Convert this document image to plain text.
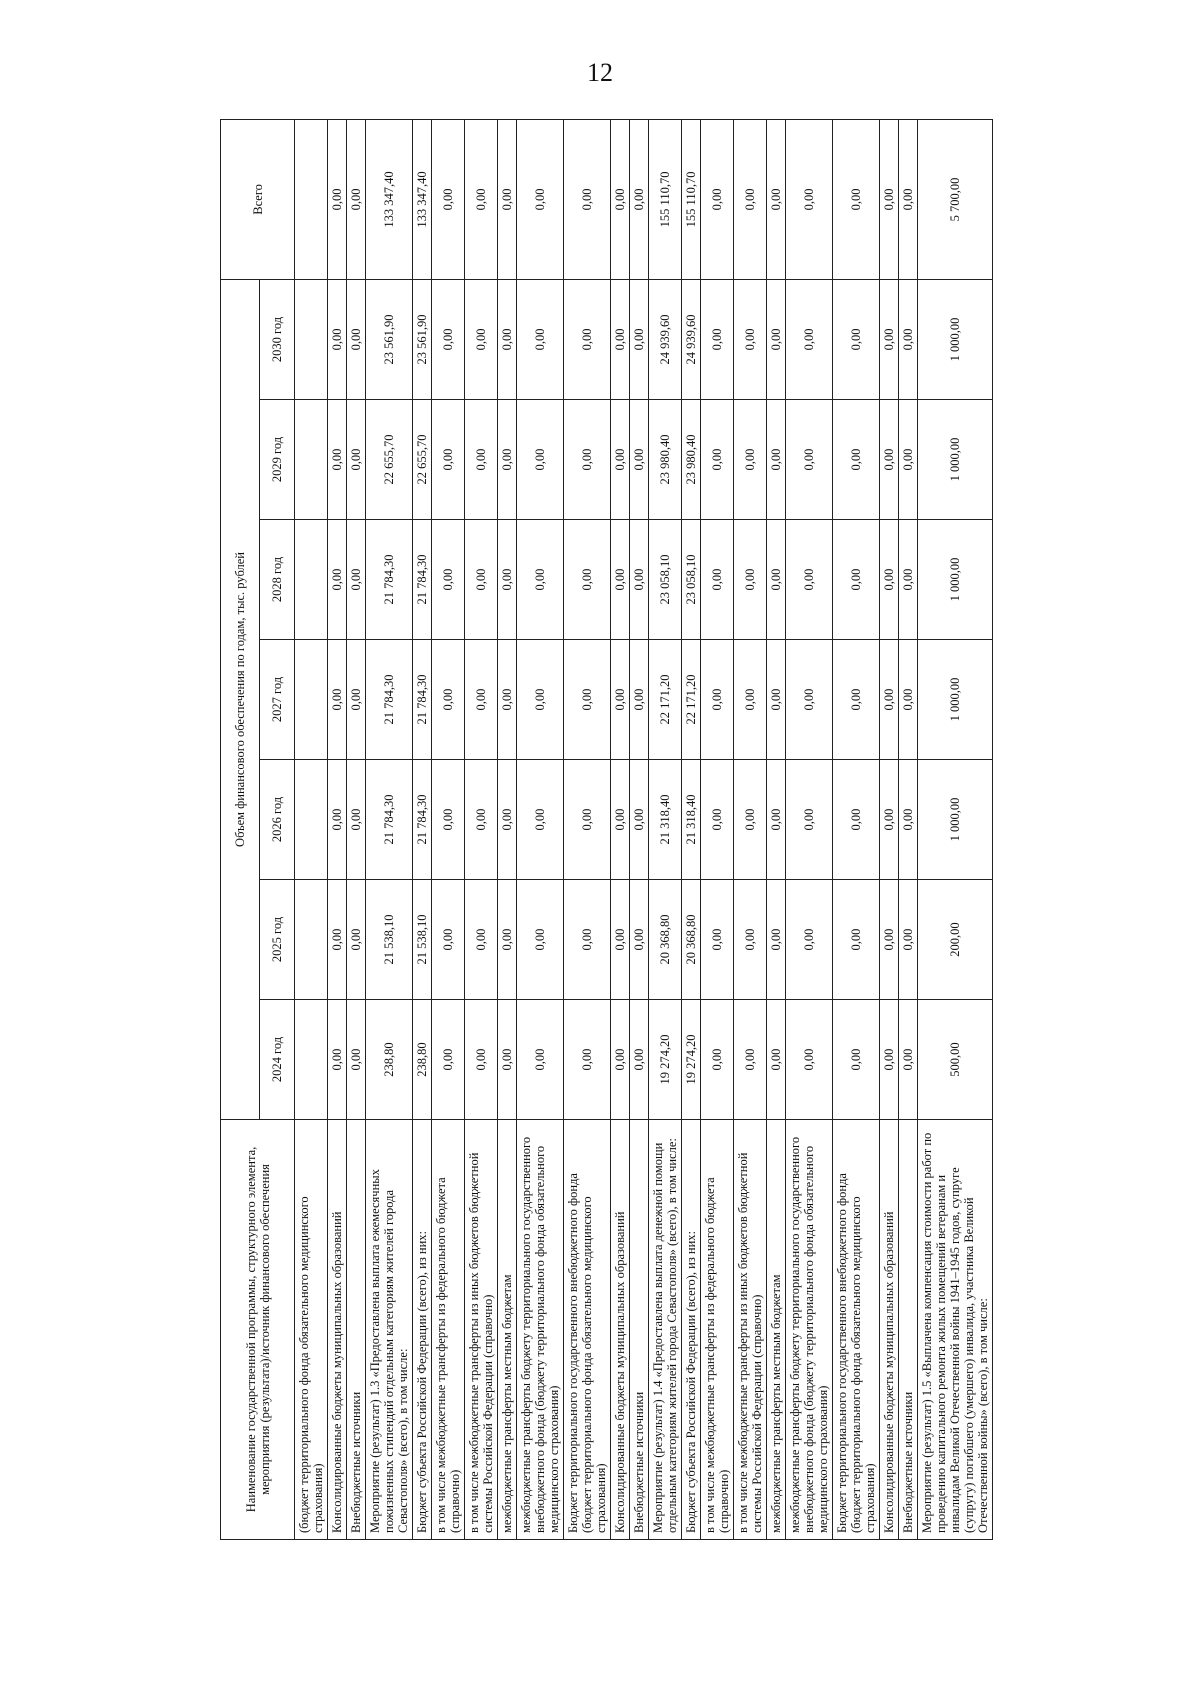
12
Наименование государственной программы, структурного элемента, мероприятия (результата)/источник финансового обеспечения	Объем финансового обеспечения по годам, тыс. рублей							Всего
	2024 год	2025 год	2026 год	2027 год	2028 год	2029 год	2030 год	
(бюджет территориального фонда обязательного медицинского страхования)								
Консолидированные бюджеты муниципальных образований	0,00	0,00	0,00	0,00	0,00	0,00	0,00	0,00
Внебюджетные источники	0,00	0,00	0,00	0,00	0,00	0,00	0,00	0,00
Мероприятие (результат) 1.3 «Предоставлена выплата ежемесячных пожизненных стипендий отдельным категориям жителей города Севастополя» (всего), в том числе:	238,80	21 538,10	21 784,30	21 784,30	21 784,30	22 655,70	23 561,90	133 347,40
Бюджет субъекта Российской Федерации (всего), из них:	238,80	21 538,10	21 784,30	21 784,30	21 784,30	22 655,70	23 561,90	133 347,40
в том числе межбюджетные трансферты из федерального бюджета (справочно)	0,00	0,00	0,00	0,00	0,00	0,00	0,00	0,00
в том числе межбюджетные трансферты из иных бюджетов бюджетной системы Российской Федерации (справочно)	0,00	0,00	0,00	0,00	0,00	0,00	0,00	0,00
межбюджетные трансферты местным бюджетам	0,00	0,00	0,00	0,00	0,00	0,00	0,00	0,00
межбюджетные трансферты бюджету территориального государственного внебюджетного фонда (бюджету территориального фонда обязательного медицинского страхования)	0,00	0,00	0,00	0,00	0,00	0,00	0,00	0,00
Бюджет территориального государственного внебюджетного фонда (бюджет территориального фонда обязательного медицинского страхования)	0,00	0,00	0,00	0,00	0,00	0,00	0,00	0,00
Консолидированные бюджеты муниципальных образований	0,00	0,00	0,00	0,00	0,00	0,00	0,00	0,00
Внебюджетные источники	0,00	0,00	0,00	0,00	0,00	0,00	0,00	0,00
Мероприятие (результат) 1.4 «Предоставлена выплата денежной помощи отдельным категориям жителей города Севастополя» (всего), в том числе:	19 274,20	20 368,80	21 318,40	22 171,20	23 058,10	23 980,40	24 939,60	155 110,70
Бюджет субъекта Российской Федерации (всего), из них:	19 274,20	20 368,80	21 318,40	22 171,20	23 058,10	23 980,40	24 939,60	155 110,70
в том числе межбюджетные трансферты из федерального бюджета (справочно)	0,00	0,00	0,00	0,00	0,00	0,00	0,00	0,00
в том числе межбюджетные трансферты из иных бюджетов бюджетной системы Российской Федерации (справочно)	0,00	0,00	0,00	0,00	0,00	0,00	0,00	0,00
межбюджетные трансферты местным бюджетам	0,00	0,00	0,00	0,00	0,00	0,00	0,00	0,00
межбюджетные трансферты бюджету территориального государственного внебюджетного фонда (бюджету территориального фонда обязательного медицинского страхования)	0,00	0,00	0,00	0,00	0,00	0,00	0,00	0,00
Бюджет территориального государственного внебюджетного фонда (бюджет территориального фонда обязательного медицинского страхования)	0,00	0,00	0,00	0,00	0,00	0,00	0,00	0,00
Консолидированные бюджеты муниципальных образований	0,00	0,00	0,00	0,00	0,00	0,00	0,00	0,00
Внебюджетные источники	0,00	0,00	0,00	0,00	0,00	0,00	0,00	0,00
Мероприятие (результат) 1.5 «Выплачена компенсация стоимости работ по проведению капитального ремонта жилых помещений ветеранам и инвалидам Великой Отечественной войны 1941–1945 годов, супруге (супругу) погибшего (умершего) инвалида, участника Великой Отечественной войны» (всего), в том числе:	500,00	200,00	1 000,00	1 000,00	1 000,00	1 000,00	1 000,00	5 700,00
